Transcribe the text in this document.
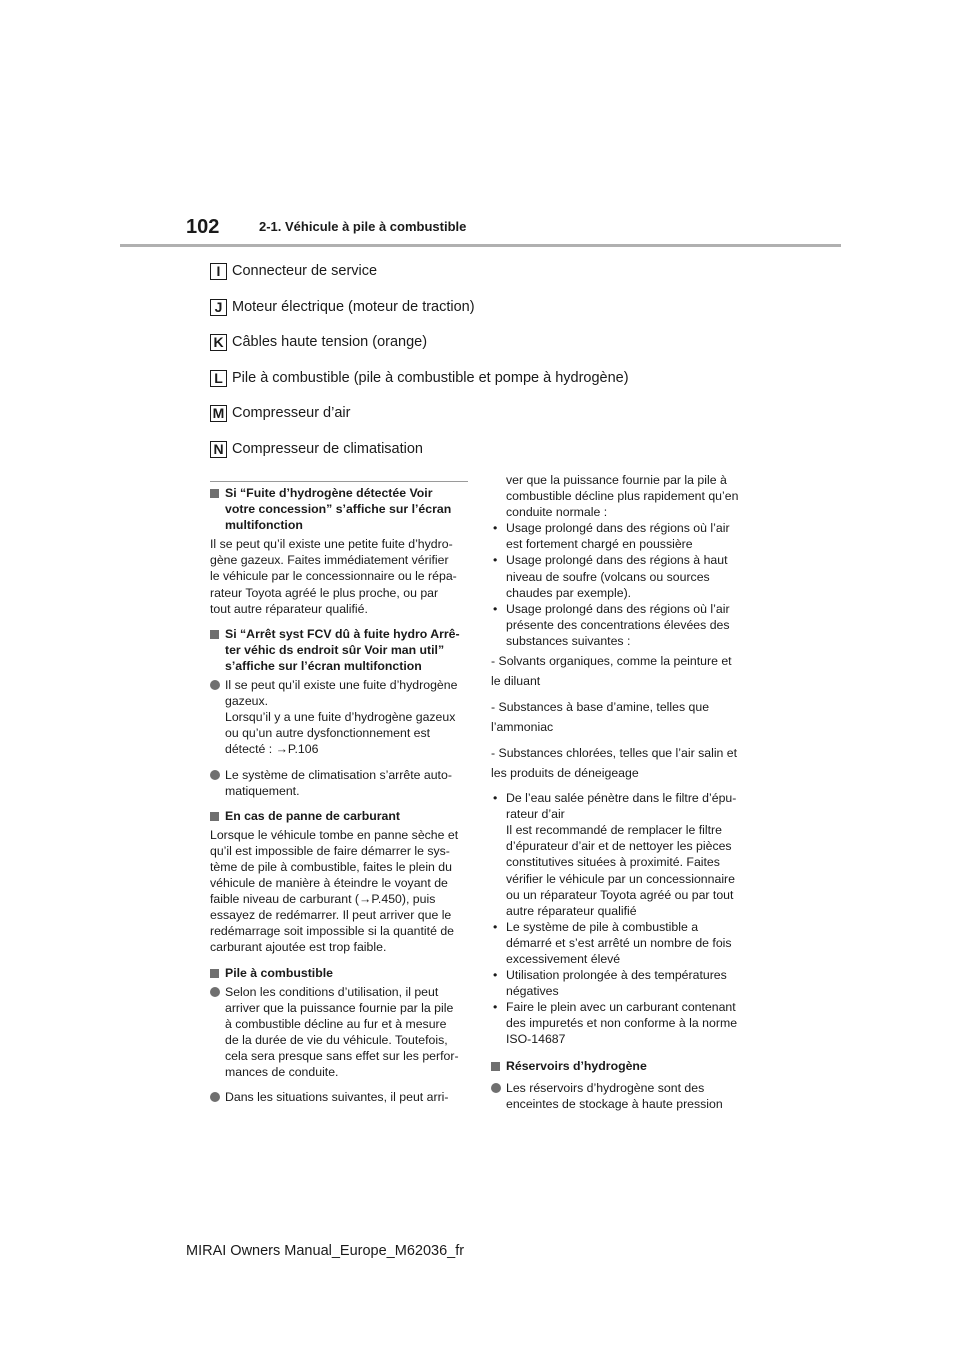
102	2-1. Véhicule à pile à combustible
I Connecteur de service
J Moteur électrique (moteur de traction)
K Câbles haute tension (orange)
L Pile à combustible (pile à combustible et pompe à hydrogène)
M Compresseur d’air
N Compresseur de climatisation
Si “Fuite d’hydrogène détectée Voir
votre concession” s’affiche sur l’écran
multifonction
Il se peut qu’il existe une petite fuite d’hydro-
gène gazeux. Faites immédiatement vérifier
le véhicule par le concessionnaire ou le répa-
rateur Toyota agréé le plus proche, ou par
tout autre réparateur qualifié.
Si “Arrêt syst FCV dû à fuite hydro Arrê-
ter véhic ds endroit sûr Voir man util”
s’affiche sur l’écran multifonction
Il se peut qu’il existe une fuite d’hydrogène
gazeux.
Lorsqu’il y a une fuite d’hydrogène gazeux
ou qu’un autre dysfonctionnement est
détecté : →P.106
Le système de climatisation s’arrête auto-
matiquement.
En cas de panne de carburant
Lorsque le véhicule tombe en panne sèche et
qu’il est impossible de faire démarrer le sys-
tème de pile à combustible, faites le plein du
véhicule de manière à éteindre le voyant de
faible niveau de carburant (→P.450), puis
essayez de redémarrer. Il peut arriver que le
redémarrage soit impossible si la quantité de
carburant ajoutée est trop faible.
Pile à combustible
Selon les conditions d’utilisation, il peut
arriver que la puissance fournie par la pile
à combustible décline au fur et à mesure
de la durée de vie du véhicule. Toutefois,
cela sera presque sans effet sur les perfor-
mances de conduite.
Dans les situations suivantes, il peut arri-
ver que la puissance fournie par la pile à
combustible décline plus rapidement qu’en
conduite normale :
• Usage prolongé dans des régions où l’air
est fortement chargé en poussière
• Usage prolongé dans des régions à haut
niveau de soufre (volcans ou sources
chaudes par exemple).
• Usage prolongé dans des régions où l’air
présente des concentrations élevées des
substances suivantes :
- Solvants organiques, comme la peinture et
le diluant
- Substances à base d’amine, telles que
l’ammoniac
- Substances chlorées, telles que l’air salin et
les produits de déneigeage
• De l’eau salée pénètre dans le filtre d’épu-
rateur d’air
Il est recommandé de remplacer le filtre
d’épurateur d’air et de nettoyer les pièces
constitutives situées à proximité. Faites
vérifier le véhicule par un concessionnaire
ou un réparateur Toyota agréé ou par tout
autre réparateur qualifié
• Le système de pile à combustible a
démarré et s’est arrêté un nombre de fois
excessivement élevé
• Utilisation prolongée à des températures
négatives
• Faire le plein avec un carburant contenant
des impuretés et non conforme à la norme
ISO-14687
Réservoirs d’hydrogène
Les réservoirs d’hydrogène sont des
enceintes de stockage à haute pression
MIRAI Owners Manual_Europe_M62036_fr
